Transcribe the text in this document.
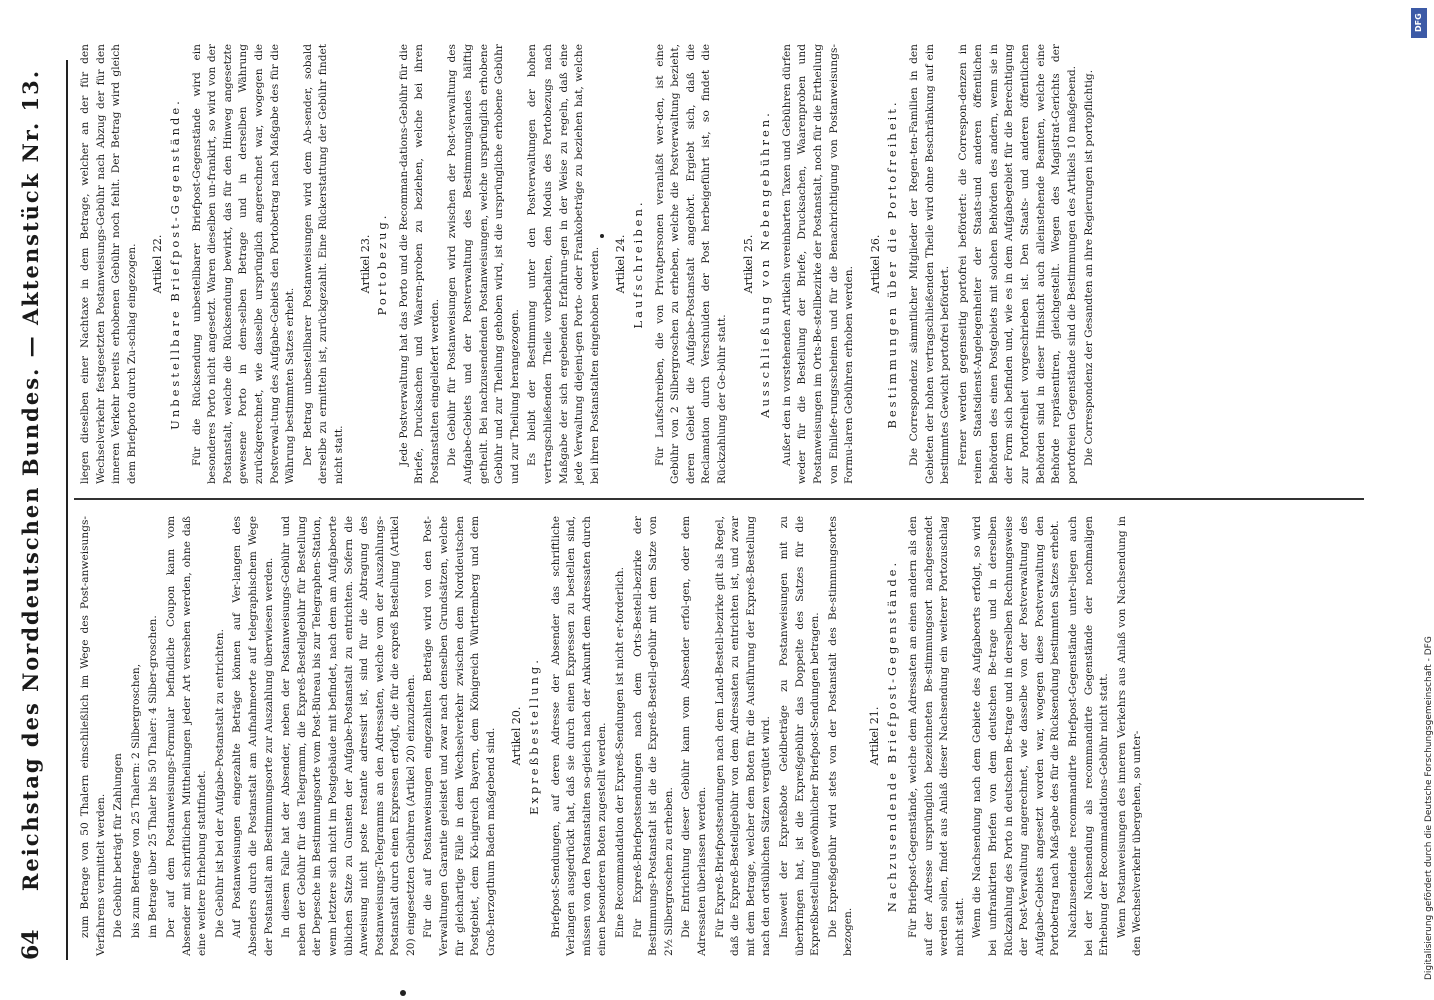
64
Reichstag des Norddeutschen Bundes. — Aktenstück Nr. 13.	zum Betrage von 50 Thalern einschließlich im Wege des Post-anweisungs-Verfahrens vermittelt werden. Die Gebühr beträgt für Zahlungen bis zum Betrage von 25 Thalern: 2 Silbergroschen, im Betrage über 25 Thaler bis 50 Thaler: 4 Silber-groschen. Der auf dem Postanweisungs-Formular befindliche Coupon kann vom Absender mit schriftlichen Mittheilungen jeder Art versehen werden, ohne daß eine weitere Erhebung stattfindet. Die Gebühr ist bei der Aufgabe-Postanstalt zu entrichten. Auf Postanweisungen eingezahlte Beträge können auf Ver-langen des Absenders durch die Postanstalt am Aufnahmeorte auf telegraphischem Wege der Postanstalt am Bestimmungsorte zur Auszahlung überwiesen werden. In diesem Falle hat der Absender, neben der Postanweisungs-Gebühr und neben der Gebühr für das Telegramm, die Expreß-Bestellgebühr für Bestellung der Depesche im Bestimmungsorte vom Post-Büreau bis zur Telegraphen-Station, wenn letztere sich nicht im Postgebäude mit befindet, nach dem am Aufgabeorte üblichen Satze zu Gunsten der Aufgabe-Postanstalt zu entrichten. Sofern die Anweisung nicht poste restante adressirt ist, sind für die Abtragung des Postanweisungs-Telegramms an den Adressaten, welche vom der Auszahlungs-Postanstalt durch einen Expressen erfolgt, die für die expreß Bestellung (Artikel 20) eingesetzten Gebühren (Artikel 20) einzuziehen. Für die auf Postanweisungen eingezahlten Beträge wird von den Post-Verwaltungen Garantie geleistet und zwar nach denselben Grundsätzen, welche für gleichartige Fälle in dem Wechselverkehr zwischen dem Norddeutschen Postgebiet, dem Kö-nigreich Bayern, dem Königreich Württemberg und dem Groß-herzogthum Baden maßgebend sind. Artikel 20. Expreßbestellung. Briefpost-Sendungen, auf deren Adresse der Absender das schriftliche Verlangen ausgedrückt hat, daß sie durch einen Expressen zu bestellen sind, müssen von den Postanstalten so-gleich nach der Ankunft dem Adressaten durch einen besonderen Boten zugestellt werden. Eine Recommandation der Expreß-Sendungen ist nicht er-forderlich. Für Expreß-Briefpostsendungen nach dem Orts-Bestell-bezirke der Bestimmungs-Postanstalt ist die die Expreß-Bestell-gebühr mit dem Satze von 2½ Silbergroschen zu erheben. Die Entrichtung dieser Gebühr kann vom Absender erfol-gen, oder dem Adressaten überlassen werden. Für Expreß-Briefpostsendungen nach dem Land-Bestell-bezirke gilt als Regel, daß die Expreß-Bestellgebühr von dem Adressaten zu entrichten ist, und zwar mit dem Betrage, welcher dem Boten für die Ausführung der Expreß-Bestellung nach den ortsüblichen Sätzen vergütet wird. Insoweit der Expreßbote Geldbeträge zu Postanweisungen mit zu überbringen hat, ist die Expreßgebühr das Doppelte des Satzes für die Expreßbestellung gewöhnlicher Briefpost-Sendungen betragen. Die Expreßgebühr wird stets von der Postanstalt des Be-stimmungsortes bezogen.

Artikel 21. Nachzusendende Briefpost-Gegenstände. Für Briefpost-Gegenstände, welche dem Adressaten an einen andern als den auf der Adresse ursprünglich bezeichneten Be-stimmungsort nachgesendet werden sollen, findet aus Anlaß dieser Nachsendung ein weiterer Portozuschlag nicht statt. Wenn die Nachsendung nach dem Gebiete des Aufgabeorts erfolgt, so wird bei unfrankirten Briefen von dem deutschen Be-trage und in derselben Rückzahlung des Porto in deutschen Be-trage und in derselben Rechnungsweise der Post-Verwaltung angerechnet, wie dasselbe von der Postverwaltung des Aufgabe-Gebiets angesetzt worden war, wogegen diese Postverwaltung den Portobetrag nach Maß-gabe des für die Rücksendung bestimmten Satzes erhebt. Nachzusendende recommandirte Briefpost-Gegenstände unter-liegen auch bei der Nachsendung als recommandirte Gegenstände der nochmaligen Erhebung der Recommandations-Gebühr nicht statt. Wenn Postanweisungen des inneren Verkehrs aus Anlaß von Nachsendung in den Wechselverkehr übergehen, so unter-

liegen dieselben einer Nachtaxe in dem Betrage, welcher an der für den Wechselverkehr festgesetzten Postanweisungs-Gebühr nach Abzug der für den inneren Verkehr bereits erhobenen Gebühr noch fehlt. Der Betrag wird gleich dem Briefporto durch Zu-schlag eingezogen. Artikel 22. Unbestellbare Briefpost-Gegenstände. Für die Rücksendung unbestellbarer Briefpost-Gegenstände wird ein besonderes Porto nicht angesetzt. Waren dieselben un-frankirt, so wird von der Postanstalt, welche die Rücksendung bewirkt, das für den Hinweg angesetzte gewesene Porto in dem-selben Betrage und in derselben Währung zurückgerechnet, wie dasselbe ursprünglich angerechnet war, wogegen die Postverwal-tung des Aufgabe-Gebiets den Portobetrag nach Maßgabe des für die Währung bestimmten Satzes erhebt. Der Betrag unbestellbarer Postanweisungen wird dem Ab-sender, sobald derselbe zu ermitteln ist, zurückgezahlt. Eine Rückerstattung der Gebühr findet nicht statt.

Artikel 23. Portobezug. Jede Postverwaltung hat das Porto und die Recomman-dations-Gebühr für die Briefe, Drucksachen und Waaren-proben zu beziehen, welche bei ihren Postanstalten eingeliefert werden. Die Gebühr für Postanweisungen wird zwischen der Post-verwaltung des Aufgabe-Gebiets und der Postverwaltung des Bestimmungslandes hälftig getheilt. Bei nachzusendenden Postanweisungen, welche ursprünglich erhobene Gebühr und zur Theilung gehoben wird, ist die ursprüngliche erhobene Gebühr und zur Theilung herangezogen. Es bleibt der Bestimmung unter den Postverwaltungen der hohen vertragschließenden Theile vorbehalten, den Modus des Portobezugs nach Maßgabe der sich ergebenden Erfahrun-gen in der Weise zu regeln, daß eine jede Verwaltung diejeni-gen Porto- oder Frankobeträge zu beziehen hat, welche bei ihren Postanstalten eingehoben werden. Artikel 24. Laufschreiben. Für Laufschreiben, die von Privatpersonen veranlaßt wer-den, ist eine Gebühr von 2 Silbergroschen zu erheben, welche die Postverwaltung bezieht, deren Gebiet die Aufgabe-Postanstalt angehört. Ergiebt sich, daß die Reclamation durch Verschulden der Post herbeigeführt ist, so findet die Rückzahlung der Ge-bühr statt.

Artikel 25. Ausschließung von Nebengebühren. Außer den in vorstehenden Artikeln vereinbarten Taxen und Gebühren dürfen weder für die Bestellung der Briefe, Drucksachen, Waarenproben und Postanweisungen im Orts-Be-stellbezirke der Postanstalt, noch für die Ertheilung von Einliefe-rungsscheinen und für die Benachrichtigung von Postanweisungs-Formu-laren Gebühren erhoben werden.

Artikel 26. Bestimmungen über die Portofreiheit. Die Correspondenz sämmtlicher Mitglieder der Regen-ten-Familien in den Gebieten der hohen vertragschließenden Theile wird ohne Beschränkung auf ein bestimmtes Gewicht portofrei befördert. Ferner werden gegenseitig portofrei befördert: die Correspon-denzen in reinen Staatsdienst-Angelegenheiter der Staats-und anderen öffentlichen Behörden des einen Postgebiets mit solchen Behörden des andern, wenn sie in der Form sich befinden und, wie es in dem Aufgabegebiet für die Berechtigung zur Portofreiheit vorgeschrieben ist. Den Staats- und anderen öffentlichen Behörden sind in dieser Hinsicht auch alleinstehende Beamten, welche eine Behörde repräsentiren, gleichgestellt. Wegen des Magistrat-Gerichts der portofreien Gegenstände sind die Bestimmungen des Artikels 10 maßgebend. Die Correspondenz der Gesandten an ihre Regierungen ist portopflichtig.

DFG
Digitalisierung gefördert durch die Deutsche Forschungsgemeinschaft - DFG
